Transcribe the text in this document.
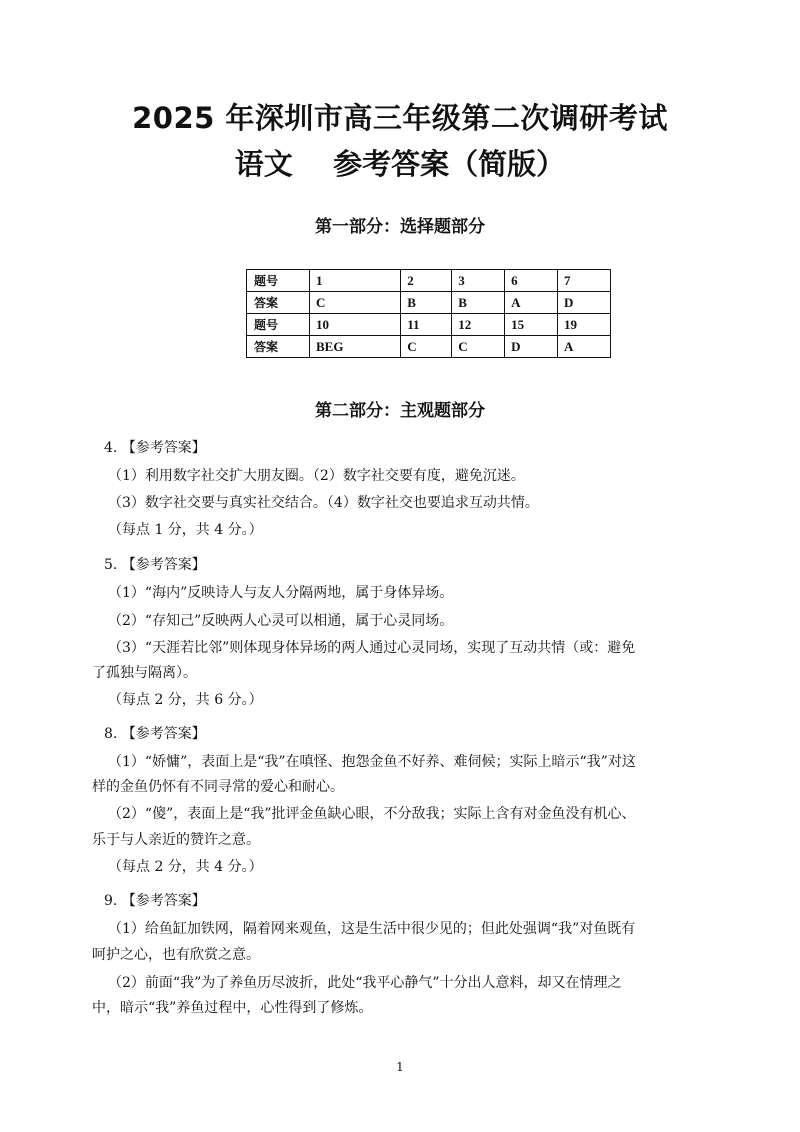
2025 年深圳市高三年级第二次调研考试
语文    参考答案（简版）
第一部分：选择题部分
题号	1	2	3	6	7
答案	C	B	B	A	D
题号	10	11	12	15	19
答案	BEG	C	C	D	A
第二部分：主观题部分
4. 【参考答案】
（1）利用数字社交扩大朋友圈。（2）数字社交要有度，避免沉迷。
（3）数字社交要与真实社交结合。（4）数字社交也要追求互动共情。
（每点 1 分，共 4 分。）
5. 【参考答案】
（1）“海内”反映诗人与友人分隔两地，属于身体异场。
（2）“存知己”反映两人心灵可以相通，属于心灵同场。
（3）“天涯若比邻”则体现身体异场的两人通过心灵同场，实现了互动共情（或：避免
了孤独与隔离）。
（每点 2 分，共 6 分。）
8. 【参考答案】
（1）“娇慵”，表面上是“我”在嗔怪、抱怨金鱼不好养、难伺候；实际上暗示“我”对这
样的金鱼仍怀有不同寻常的爱心和耐心。
（2）“傻”，表面上是“我”批评金鱼缺心眼，不分敌我；实际上含有对金鱼没有机心、
乐于与人亲近的赞许之意。
（每点 2 分，共 4 分。）
9. 【参考答案】
（1）给鱼缸加铁网，隔着网来观鱼，这是生活中很少见的；但此处强调“我”对鱼既有
呵护之心，也有欣赏之意。
（2）前面“我”为了养鱼历尽波折，此处“我平心静气”十分出人意料，却又在情理之
中，暗示“我”养鱼过程中，心性得到了修炼。
1
